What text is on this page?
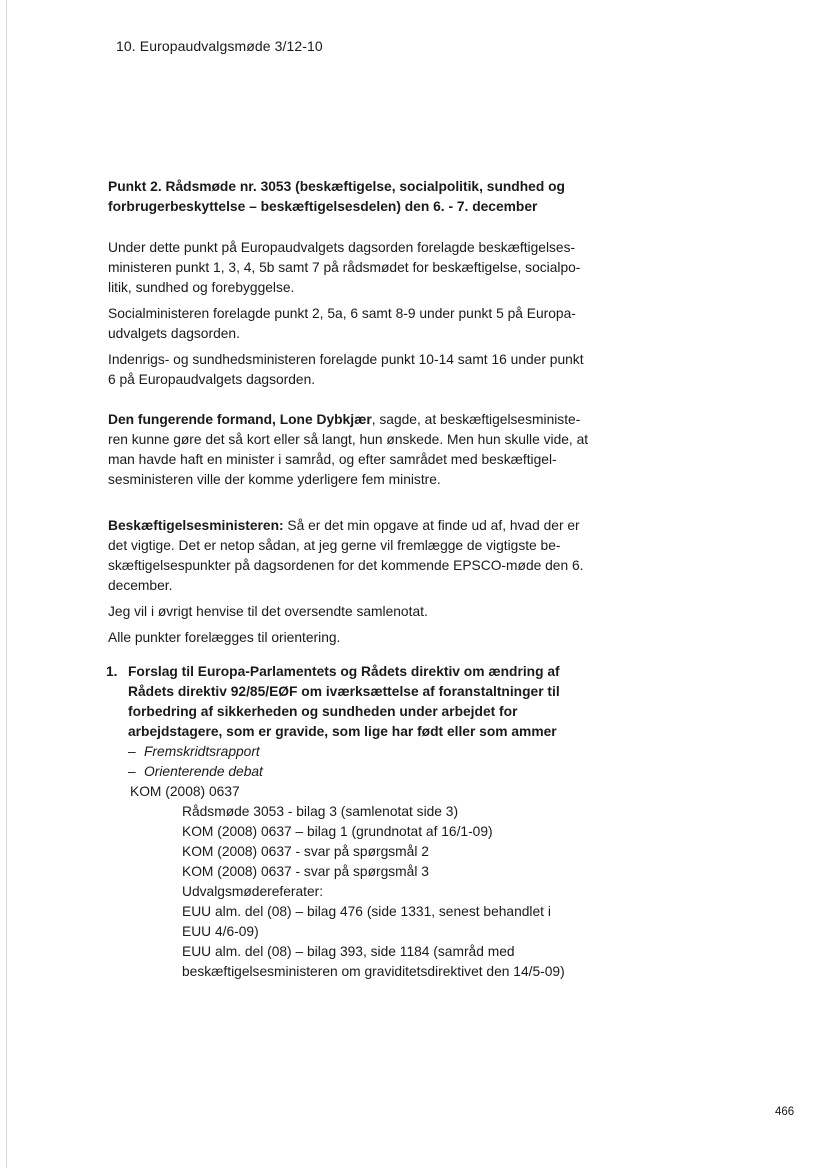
10. Europaudvalgsmøde 3/12-10
Punkt 2. Rådsmøde nr. 3053 (beskæftigelse, socialpolitik, sundhed og
forbrugerbeskyttelse – beskæftigelsesdelen) den 6. - 7. december

Under dette punkt på Europaudvalgets dagsorden forelagde beskæftigelses-ministeren punkt 1, 3, 4, 5b samt 7 på rådsmødet for beskæftigelse, socialpo-litik, sundhed og forebyggelse.

Socialministeren forelagde punkt 2, 5a, 6 samt 8-9 under punkt 5 på Europa-udvalgets dagsorden.

Indenrigs- og sundhedsministeren forelagde punkt 10-14 samt 16 under punkt 6 på Europaudvalgets dagsorden.

Den fungerende formand, Lone Dybkjær, sagde, at beskæftigelsesministe-ren kunne gøre det så kort eller så langt, hun ønskede. Men hun skulle vide, at man havde haft en minister i samråd, og efter samrådet med beskæftigel-sesministeren ville der komme yderligere fem ministre.

Beskæftigelsesministeren: Så er det min opgave at finde ud af, hvad der er det vigtige. Det er netop sådan, at jeg gerne vil fremlægge de vigtigste be-skæftigelsespunkter på dagsordenen for det kommende EPSCO-møde den 6. december.

Jeg vil i øvrigt henvise til det oversendte samlenotat.

Alle punkter forelægges til orientering.

1. Forslag til Europa-Parlamentets og Rådets direktiv om ændring af Rådets direktiv 92/85/EØF om iværksættelse af foranstaltninger til forbedring af sikkerheden og sundheden under arbejdet for arbejdstagere, som er gravide, som lige har født eller som ammer
– Fremskridtsrapport
– Orienterende debat
KOM (2008) 0637
Rådsmøde 3053 - bilag 3 (samlenotat side 3)
KOM (2008) 0637 – bilag 1 (grundnotat af 16/1-09)
KOM (2008) 0637 - svar på spørgsmål 2
KOM (2008) 0637 - svar på spørgsmål 3
Udvalgsmødereferater:
EUU alm. del (08) – bilag 476 (side 1331, senest behandlet i EUU 4/6-09)
EUU alm. del (08) – bilag 393, side 1184 (samråd med beskæftigelsesministeren om graviditetsdirektivet den 14/5-09)
466
